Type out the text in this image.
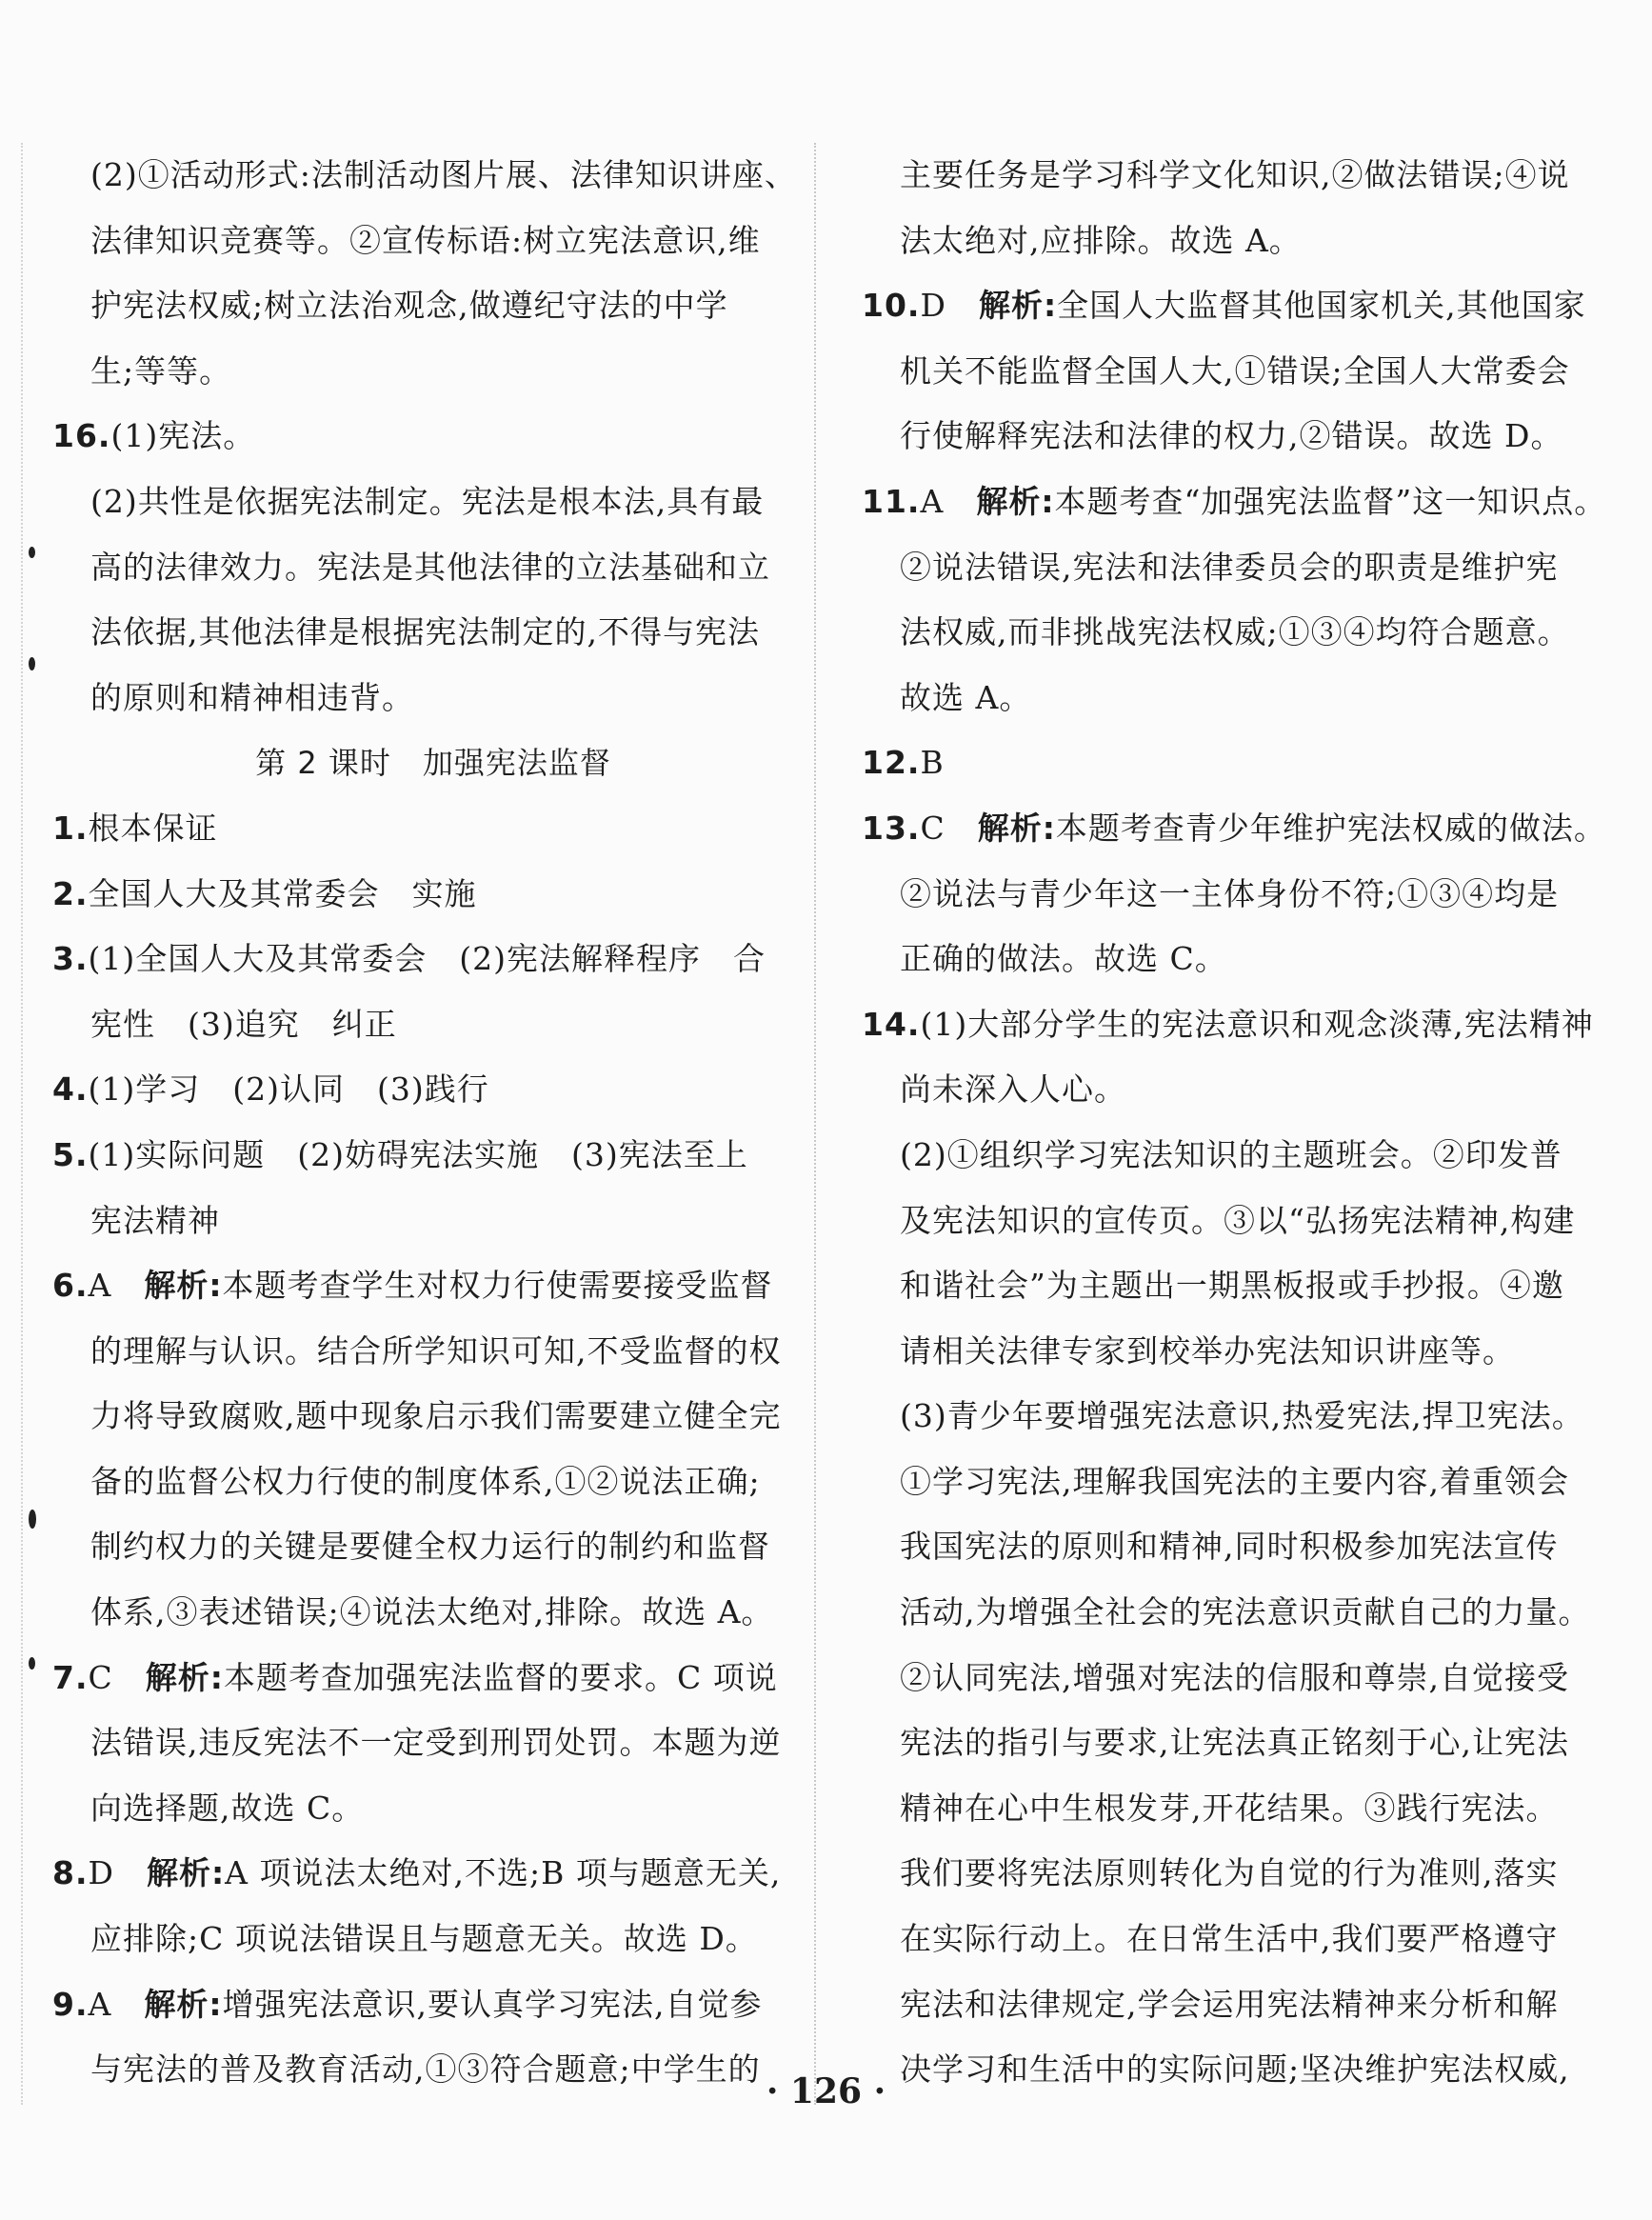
(2)①活动形式:法制活动图片展、法律知识讲座、
法律知识竞赛等。②宣传标语:树立宪法意识,维
护宪法权威;树立法治观念,做遵纪守法的中学
生;等等。
16.(1)宪法。
(2)共性是依据宪法制定。宪法是根本法,具有最
高的法律效力。宪法是其他法律的立法基础和立
法依据,其他法律是根据宪法制定的,不得与宪法
的原则和精神相违背。
第 2 课时　加强宪法监督
1.根本保证
2.全国人大及其常委会　实施
3.(1)全国人大及其常委会　(2)宪法解释程序　合
宪性　(3)追究　纠正
4.(1)学习　(2)认同　(3)践行
5.(1)实际问题　(2)妨碍宪法实施　(3)宪法至上
宪法精神
6.A　解析:本题考查学生对权力行使需要接受监督
的理解与认识。结合所学知识可知,不受监督的权
力将导致腐败,题中现象启示我们需要建立健全完
备的监督公权力行使的制度体系,①②说法正确;
制约权力的关键是要健全权力运行的制约和监督
体系,③表述错误;④说法太绝对,排除。故选 A。
7.C　解析:本题考查加强宪法监督的要求。C 项说
法错误,违反宪法不一定受到刑罚处罚。本题为逆
向选择题,故选 C。
8.D　解析:A 项说法太绝对,不选;B 项与题意无关,
应排除;C 项说法错误且与题意无关。故选 D。
9.A　解析:增强宪法意识,要认真学习宪法,自觉参
与宪法的普及教育活动,①③符合题意;中学生的
主要任务是学习科学文化知识,②做法错误;④说
法太绝对,应排除。故选 A。
10.D　解析:全国人大监督其他国家机关,其他国家
机关不能监督全国人大,①错误;全国人大常委会
行使解释宪法和法律的权力,②错误。故选 D。
11.A　解析:本题考查“加强宪法监督”这一知识点。
②说法错误,宪法和法律委员会的职责是维护宪
法权威,而非挑战宪法权威;①③④均符合题意。
故选 A。
12.B
13.C　解析:本题考查青少年维护宪法权威的做法。
②说法与青少年这一主体身份不符;①③④均是
正确的做法。故选 C。
14.(1)大部分学生的宪法意识和观念淡薄,宪法精神
尚未深入人心。
(2)①组织学习宪法知识的主题班会。②印发普
及宪法知识的宣传页。③以“弘扬宪法精神,构建
和谐社会”为主题出一期黑板报或手抄报。④邀
请相关法律专家到校举办宪法知识讲座等。
(3)青少年要增强宪法意识,热爱宪法,捍卫宪法。
①学习宪法,理解我国宪法的主要内容,着重领会
我国宪法的原则和精神,同时积极参加宪法宣传
活动,为增强全社会的宪法意识贡献自己的力量。
②认同宪法,增强对宪法的信服和尊崇,自觉接受
宪法的指引与要求,让宪法真正铭刻于心,让宪法
精神在心中生根发芽,开花结果。③践行宪法。
我们要将宪法原则转化为自觉的行为准则,落实
在实际行动上。在日常生活中,我们要严格遵守
宪法和法律规定,学会运用宪法精神来分析和解
决学习和生活中的实际问题;坚决维护宪法权威,
· 126 ·
